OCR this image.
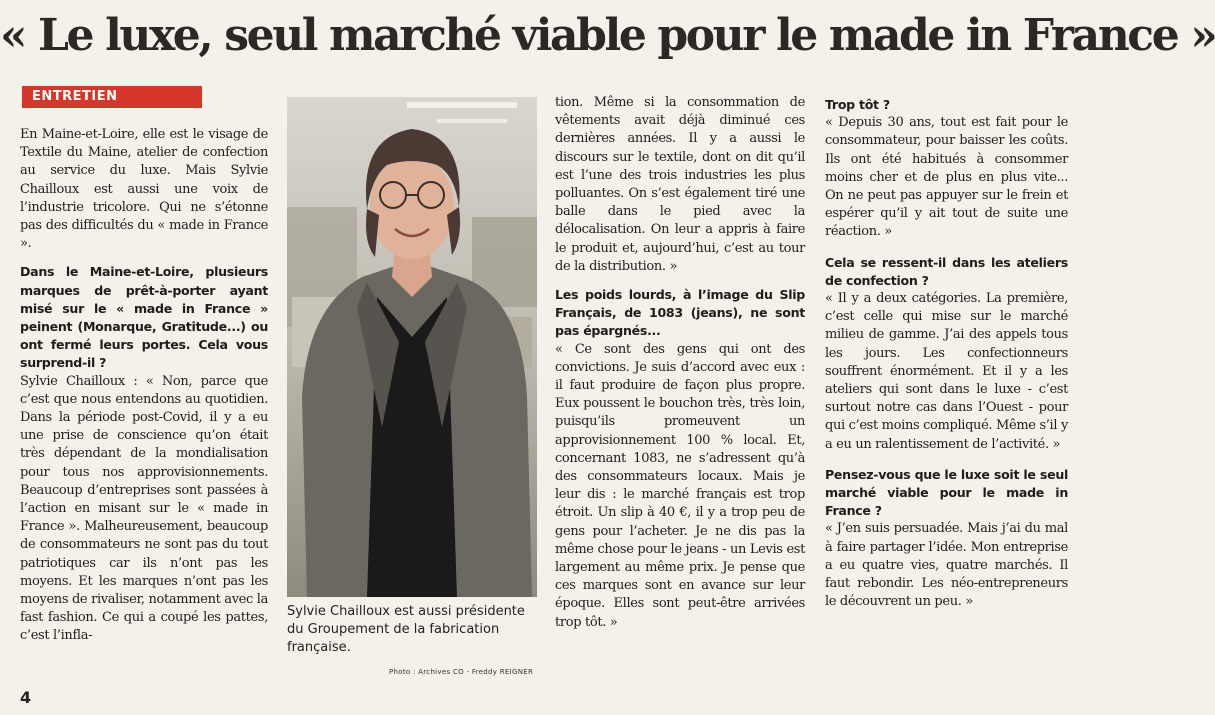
« Le luxe, seul marché viable pour le made in France »
ENTRETIEN

En Maine-et-Loire, elle est le visage de Textile du Maine, atelier de confection au service du luxe. Mais Sylvie Chailloux est aussi une voix de l’industrie tricolore. Qui ne s’étonne pas des difficultés du « made in France ».

Dans le Maine-et-Loire, plusieurs marques de prêt-à-porter ayant misé sur le « made in France » peinent (Monarque, Gratitude...) ou ont fermé leurs portes. Cela vous surprend-il ?

Sylvie Chailloux : « Non, parce que c’est que nous entendons au quotidien. Dans la période post-Covid, il y a eu une prise de conscience qu’on était très dépendant de la mondialisation pour tous nos approvisionnements. Beaucoup d’entreprises sont passées à l’action en misant sur le « made in France ». Malheureusement, beaucoup de consommateurs ne sont pas du tout patriotiques car ils n’ont pas les moyens. Et les marques n’ont pas les moyens de rivaliser, notamment avec la fast fashion. Ce qui a coupé les pattes, c’est l’infla-

Sylvie Chailloux est aussi présidente du Groupement de la fabrication française.
Photo : Archives CO - Freddy REIGNER

tion. Même si la consommation de vêtements avait déjà diminué ces dernières années. Il y a aussi le discours sur le textile, dont on dit qu’il est l’une des trois industries les plus polluantes. On s’est également tiré une balle dans le pied avec la délocalisation. On leur a appris à faire le produit et, aujourd’hui, c’est au tour de la distribution. »

Les poids lourds, à l’image du Slip Français, de 1083 (jeans), ne sont pas épargnés...

« Ce sont des gens qui ont des convictions. Je suis d’accord avec eux : il faut produire de façon plus propre. Eux poussent le bouchon très, très loin, puisqu’ils promeuvent un approvisionnement 100 % local. Et, concernant 1083, ne s’adressent qu’à des consommateurs locaux. Mais je leur dis : le marché français est trop étroit. Un slip à 40 €, il y a trop peu de gens pour l’acheter. Je ne dis pas la même chose pour le jeans - un Levis est largement au même prix. Je pense que ces marques sont en avance sur leur époque. Elles sont peut-être arrivées trop tôt. »

Trop tôt ?

« Depuis 30 ans, tout est fait pour le consommateur, pour baisser les coûts. Ils ont été habitués à consommer moins cher et de plus en plus vite... On ne peut pas appuyer sur le frein et espérer qu’il y ait tout de suite une réaction. »

Cela se ressent-il dans les ateliers de confection ?

« Il y a deux catégories. La première, c’est celle qui mise sur le marché milieu de gamme. J’ai des appels tous les jours. Les confectionneurs souffrent énormément. Et il y a les ateliers qui sont dans le luxe - c’est surtout notre cas dans l’Ouest - pour qui c’est moins compliqué. Même s’il y a eu un ralentissement de l’activité. »

Pensez-vous que le luxe soit le seul marché viable pour le made in France ?

« J’en suis persuadée. Mais j’ai du mal à faire partager l’idée. Mon entreprise a eu quatre vies, quatre marchés. Il faut rebondir. Les néo-entrepreneurs le découvrent un peu. »

4
